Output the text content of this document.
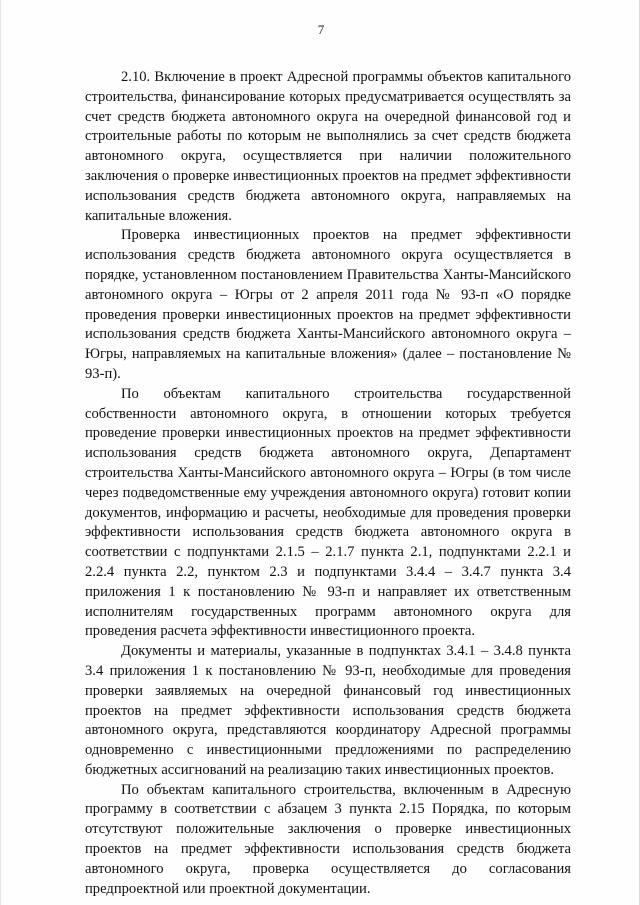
7

2.10. Включение в проект Адресной программы объектов капитального строительства, финансирование которых предусматривается осуществлять за счет средств бюджета автономного округа на очередной финансовой год и строительные работы по которым не выполнялись за счет средств бюджета автономного округа, осуществляется при наличии положительного заключения о проверке инвестиционных проектов на предмет эффективности использования средств бюджета автономного округа, направляемых на капитальные вложения.

Проверка инвестиционных проектов на предмет эффективности использования средств бюджета автономного округа осуществляется в порядке, установленном постановлением Правительства Ханты-Мансийского автономного округа – Югры от 2 апреля 2011 года № 93-п «О порядке проведения проверки инвестиционных проектов на предмет эффективности использования средств бюджета Ханты-Мансийского автономного округа – Югры, направляемых на капитальные вложения» (далее – постановление № 93-п).

По объектам капитального строительства государственной собственности автономного округа, в отношении которых требуется проведение проверки инвестиционных проектов на предмет эффективности использования средств бюджета автономного округа, Департамент строительства Ханты-Мансийского автономного округа – Югры (в том числе через подведомственные ему учреждения автономного округа) готовит копии документов, информацию и расчеты, необходимые для проведения проверки эффективности использования средств бюджета автономного округа в соответствии с подпунктами 2.1.5 – 2.1.7 пункта 2.1, подпунктами 2.2.1 и 2.2.4 пункта 2.2, пунктом 2.3 и подпунктами 3.4.4 – 3.4.7 пункта 3.4 приложения 1 к постановлению № 93-п и направляет их ответственным исполнителям государственных программ автономного округа для проведения расчета эффективности инвестиционного проекта.

Документы и материалы, указанные в подпунктах 3.4.1 – 3.4.8 пункта 3.4 приложения 1 к постановлению № 93-п, необходимые для проведения проверки заявляемых на очередной финансовый год инвестиционных проектов на предмет эффективности использования средств бюджета автономного округа, представляются координатору Адресной программы одновременно с инвестиционными предложениями по распределению бюджетных ассигнований на реализацию таких инвестиционных проектов.

По объектам капитального строительства, включенным в Адресную программу в соответствии с абзацем 3 пункта 2.15 Порядка, по которым отсутствуют положительные заключения о проверке инвестиционных проектов на предмет эффективности использования средств бюджета автономного округа, проверка осуществляется до согласования предпроектной или проектной документации.
